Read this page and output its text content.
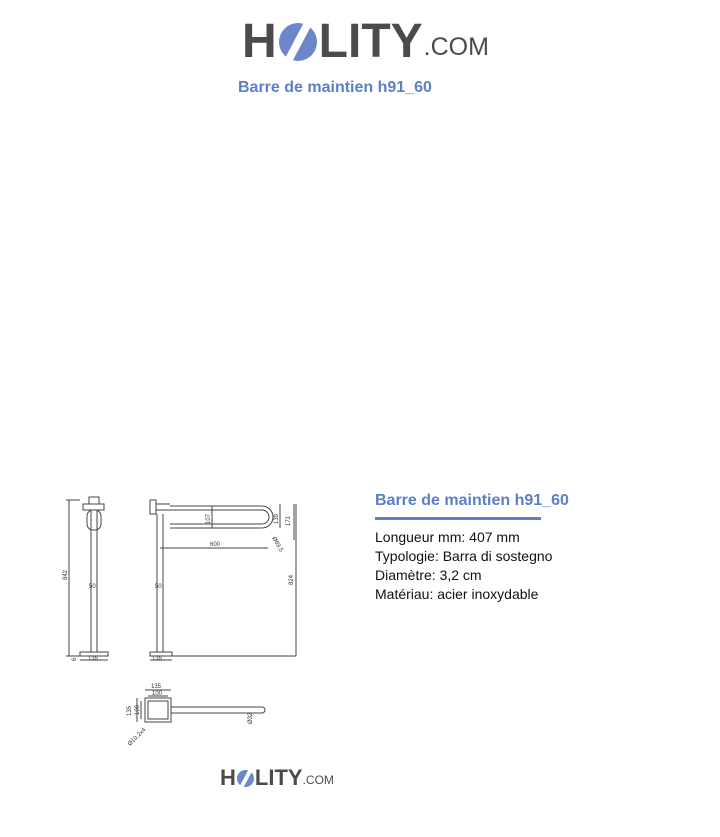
H LITY .COM
Barre de maintien h91_60
842
50
135
6
107
600
139 171
Ø69,5
50
824
135
135
100
135 100
Ø10,2x4
Ø32
Barre de maintien h91_60
Longueur mm: 407 mm
Typologie: Barra di sostegno
Diamètre: 3,2 cm
Matériau: acier inoxydable
H LITY .COM
